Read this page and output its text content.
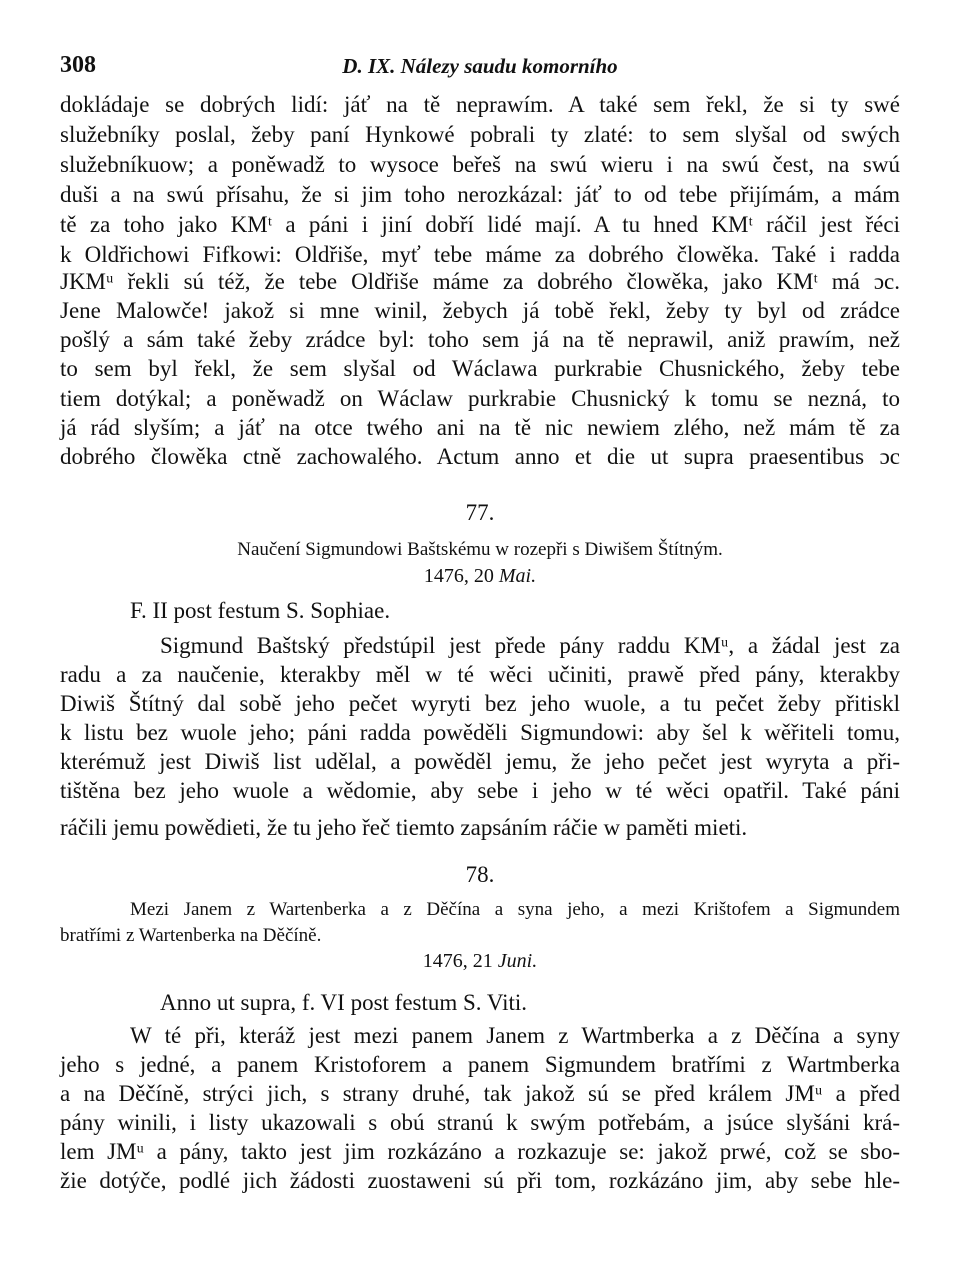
308	D. IX. Nálezy saudu komorního
dokládaje se dobrých lidí: jáť na tě neprawím. A také sem řekl, že si ty swé
služebníky poslal, žeby paní Hynkowé pobrali ty zlaté: to sem slyšal od swých
služebníkuow; a poněwadž to wysoce beřeš na swú wieru i na swú čest, na swú
duši a na swú přísahu, že si jim toho nerozkázal: jáť to od tebe přijímám, a mám
tě za toho jako KMᵗ a páni i jiní dobří lidé mají. A tu hned KMᵗ ráčil jest řéci
k Oldřichowi Fifkowi: Oldřiše, myť tebe máme za dobrého člowěka. Také i radda
JKMᵘ řekli sú též, že tebe Oldřiše máme za dobrého člowěka, jako KMᵗ má ɔc.
Jene Malowče! jakož si mne winil, žebych já tobě řekl, žeby ty byl od zrádce
pošlý a sám také žeby zrádce byl: toho sem já na tě neprawil, aniž prawím, než
to sem byl řekl, že sem slyšal od Wáclawa purkrabie Chusnického, žeby tebe
tiem dotýkal; a poněwadž on Wáclaw purkrabie Chusnický k tomu se nezná, to
já rád slyším; a jáť na otce twého ani na tě nic newiem zlého, než mám tě za
dobrého člowěka ctně zachowalého. Actum anno et die ut supra praesentibus ɔc
77.
Naučení Sigmundowi Baštskému w rozepři s Diwišem Štítným.
1476, 20 Mai.
F. II post festum S. Sophiae.
Sigmund Baštský předstúpil jest přede pány raddu KMᵘ, a žádal jest za
radu a za naučenie, kterakby měl w té wěci učiniti, prawě před pány, kterakby
Diwiš Štítný dal sobě jeho pečet wyryti bez jeho wuole, a tu pečet žeby přitiskl
k listu bez wuole jeho; páni radda powěděli Sigmundowi: aby šel k wěřiteli tomu,
kterémuž jest Diwiš list udělal, a powěděl jemu, že jeho pečet jest wyryta a při-
tištěna bez jeho wuole a wědomie, aby sebe i jeho w té wěci opatřil. Také páni
ráčili jemu powědieti, že tu jeho řeč tiemto zapsáním ráčie w paměti mieti.
78.
Mezi Janem z Wartenberka a z Děčína a syna jeho, a mezi Krištofem a Sigmundem
bratřími z Wartenberka na Děčíně.
1476, 21 Juni.
Anno ut supra, f. VI post festum S. Viti.
W té při, kteráž jest mezi panem Janem z Wartmberka a z Děčína a syny
jeho s jedné, a panem Kristoforem a panem Sigmundem bratřími z Wartmberka
a na Děčíně, strýci jich, s strany druhé, tak jakož sú se před králem JMᵘ a před
pány winili, i listy ukazowali s obú stranú k swým potřebám, a jsúce slyšáni krá-
lem JMᵘ a pány, takto jest jim rozkázáno a rozkazuje se: jakož prwé, což se sbo-
žie dotýče, podlé jich žádosti zuostaweni sú při tom, rozkázáno jim, aby sebe hle-
